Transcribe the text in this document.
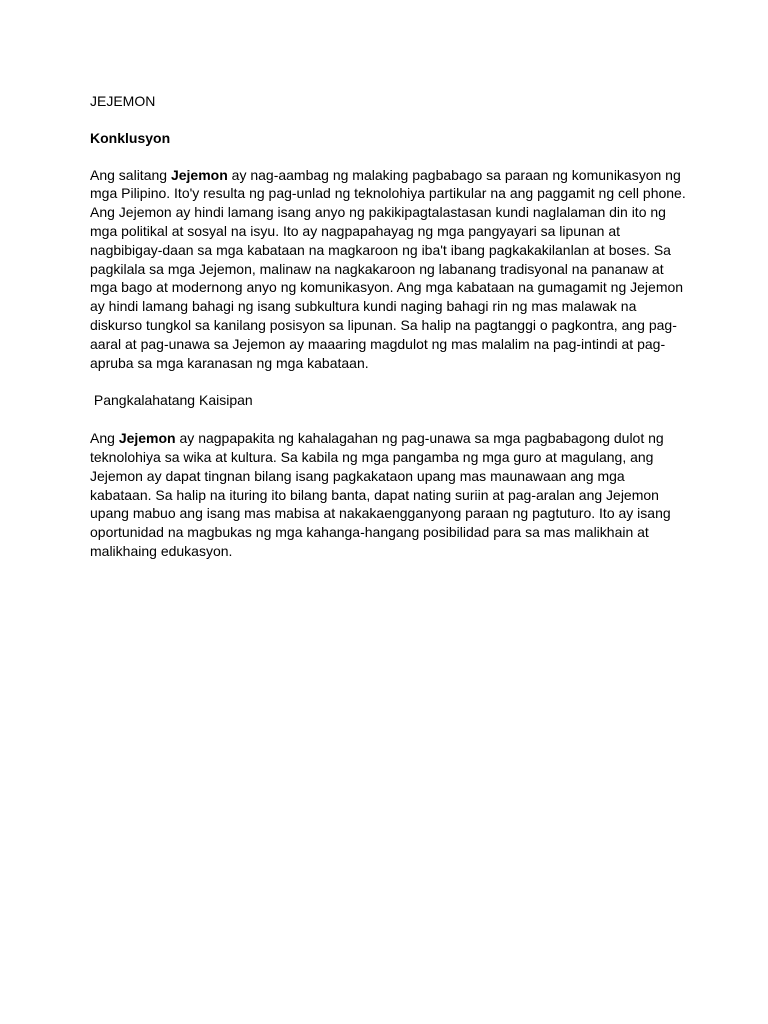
JEJEMON

Konklusyon

Ang salitang Jejemon ay nag-aambag ng malaking pagbabago sa paraan ng komunikasyon ng mga Pilipino. Ito'y resulta ng pag-unlad ng teknolohiya partikular na ang paggamit ng cell phone. Ang Jejemon ay hindi lamang isang anyo ng pakikipagtalastasan kundi naglalaman din ito ng mga politikal at sosyal na isyu. Ito ay nagpapahayag ng mga pangyayari sa lipunan at nagbibigay-daan sa mga kabataan na magkaroon ng iba't ibang pagkakakilanlan at boses. Sa pagkilala sa mga Jejemon, malinaw na nagkakaroon ng labanang tradisyonal na pananaw at mga bago at modernong anyo ng komunikasyon. Ang mga kabataan na gumagamit ng Jejemon ay hindi lamang bahagi ng isang subkultura kundi naging bahagi rin ng mas malawak na diskurso tungkol sa kanilang posisyon sa lipunan. Sa halip na pagtanggi o pagkontra, ang pag-aaral at pag-unawa sa Jejemon ay maaaring magdulot ng mas malalim na pag-intindi at pag-apruba sa mga karanasan ng mga kabataan.

Pangkalahatang Kaisipan

Ang Jejemon ay nagpapakita ng kahalagahan ng pag-unawa sa mga pagbabagong dulot ng teknolohiya sa wika at kultura. Sa kabila ng mga pangamba ng mga guro at magulang, ang Jejemon ay dapat tingnan bilang isang pagkakataon upang mas maunawaan ang mga kabataan. Sa halip na ituring ito bilang banta, dapat nating suriin at pag-aralan ang Jejemon upang mabuo ang isang mas mabisa at nakakaengganyong paraan ng pagtuturo. Ito ay isang oportunidad na magbukas ng mga kahanga-hangang posibilidad para sa mas malikhain at malikhaing edukasyon.
